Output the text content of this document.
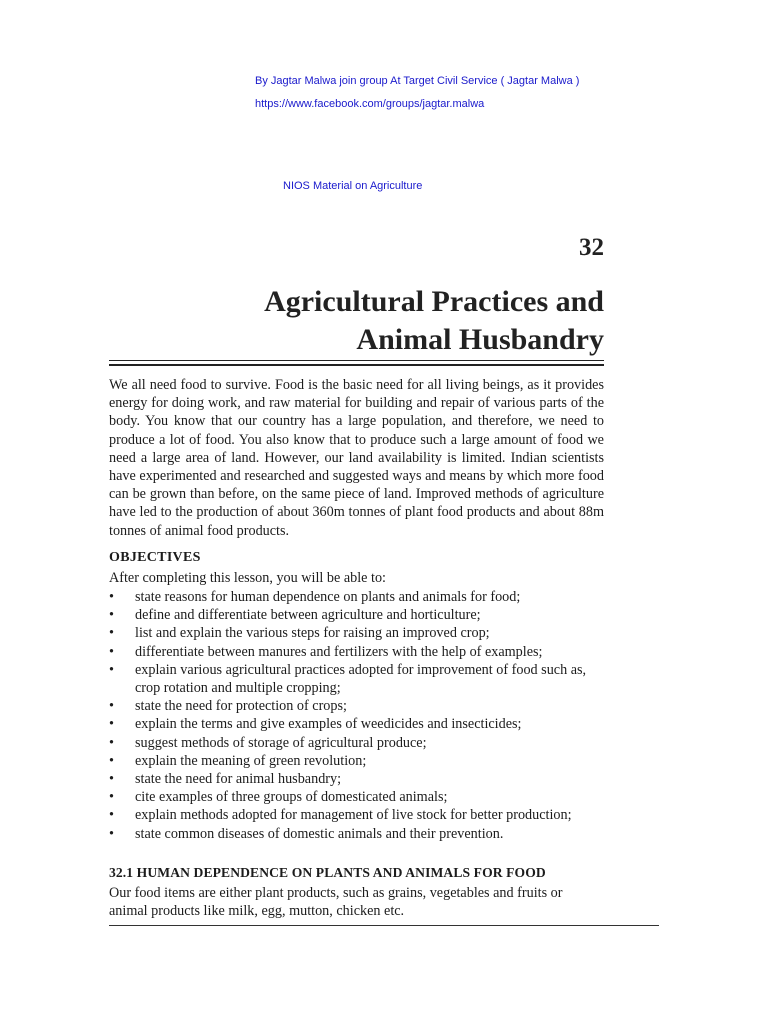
By Jagtar Malwa join group At Target Civil Service ( Jagtar Malwa )
https://www.facebook.com/groups/jagtar.malwa
NIOS Material on Agriculture
32
Agricultural Practices and
Animal Husbandry

We all need food to survive. Food is the basic need for all living beings, as it provides energy for doing work, and raw material for building and repair of various parts of the body. You know that our country has a large population, and therefore, we need to produce a lot of food. You also know that to produce such a large amount of food we need a large area of land. However, our land availability is limited. Indian scientists have experimented and researched and suggested ways and means by which more food can be grown than before, on the same piece of land. Improved methods of agriculture have led to the production of about 360m tonnes of plant food products and about 88m tonnes of animal food products.

OBJECTIVES
After completing this lesson, you will be able to:
• state reasons for human dependence on plants and animals for food;
• define and differentiate between agriculture and horticulture;
• list and explain the various steps for raising an improved crop;
• differentiate between manures and fertilizers with the help of examples;
• explain various agricultural practices adopted for improvement of food such as, crop rotation and multiple cropping;
• state the need for protection of crops;
• explain the terms and give examples of weedicides and insecticides;
• suggest methods of storage of agricultural produce;
• explain the meaning of green revolution;
• state the need for animal husbandry;
• cite examples of three groups of domesticated animals;
• explain methods adopted for management of live stock for better production;
• state common diseases of domestic animals and their prevention.
32.1 HUMAN DEPENDENCE ON PLANTS AND ANIMALS FOR FOOD

Our food items are either plant products, such as grains, vegetables and fruits or animal products like milk, egg, mutton, chicken etc.
